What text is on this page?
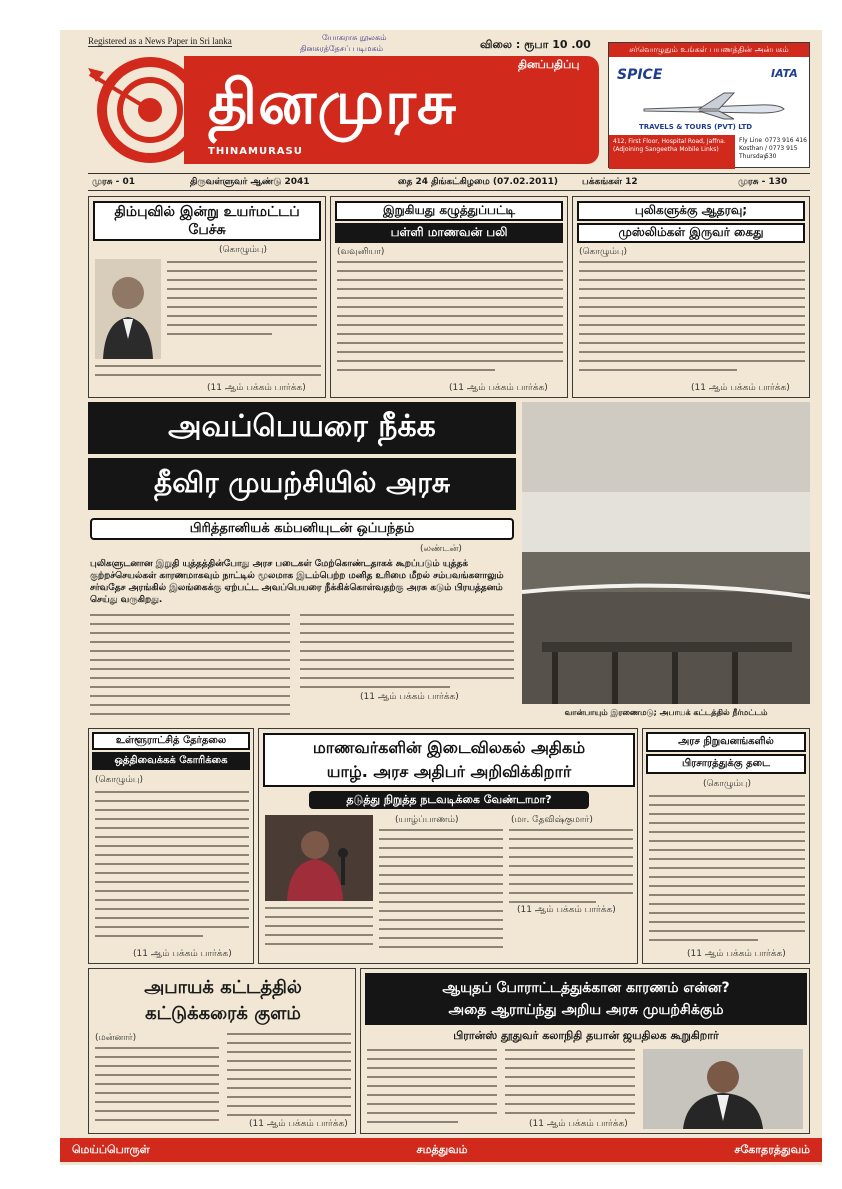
Registered as a News Paper in Sri lanka	யோகராசு நூலகம்
தினசுரத்தேசப் படிமகம்	விலை : ரூபா 10 .00
தினப்பதிப்பு
தினமுரசு
THINAMURASU
சர்வொழுதும் உங்கள் பயணத்தின் அன்பகம்
SPICE	IATA
TRAVELS & TOURS (PVT) LTD
412, First Floor, Hospital Road, Jaffna. (Adjoining Sangeetha Mobile Links)
Fly Line Kosthan Thursday
0773 916 416 / 0773 915 530
முரசு - 01	திருவள்ளுவர் ஆண்டு 2041	தை 24 திங்கட்கிழமை (07.02.2011)	பக்கங்கள் 12	முரசு - 130
திம்புவில் இன்று உயர்மட்டப் பேச்சு
(கொழும்பு)
(11 ஆம் பக்கம் பார்க்க)
இறுகியது கழுத்துப்பட்டி
பள்ளி மாணவன் பலி
(வவுனியா)
(11 ஆம் பக்கம் பார்க்க)
புலிகளுக்கு ஆதரவு;
முஸ்லிம்கள் இருவர் கைது
(கொழும்பு)
(11 ஆம் பக்கம் பார்க்க)
அவப்பெயரை நீக்க
தீவிர முயற்சியில் அரசு
பிரித்தானியக் கம்பனியுடன் ஒப்பந்தம்
(லண்டன்)
புலிகளுடனான இறுதி யுத்தத்தின்போது அரச படைகள் மேற்கொண்டதாகக் கூறப்படும் யுத்தக் குற்றச்செயல்கள் காரணமாகவும் நாட்டில் மூலமாக இடம்பெற்ற மனித உரிமை மீறல் சம்பவங்களாலும் சர்வதேச அரங்கில் இலங்கைக்கு ஏற்பட்ட அவப்பெயரை நீக்கிக்கொள்வதற்கு அரசு கடும் பிரயத்தனம் செய்து வருகிறது.
(11 ஆம் பக்கம் பார்க்க)
வான்பாயும் இரணைமடு; அபாயக் கட்டத்தில் நீர்மட்டம்
உள்ளூராட்சித் தேர்தலை
ஒத்திவைக்கக் கோரிக்கை
(கொழும்பு)
(11 ஆம் பக்கம் பார்க்க)
மாணவர்களின் இடைவிலகல் அதிகம்
யாழ். அரச அதிபர் அறிவிக்கிறார்
தடுத்து நிறுத்த நடவடிக்கை வேண்டாமா?
(யாழ்ப்பாணம்)	(மா. தேவிஷ்குமார்)
(11 ஆம் பக்கம் பார்க்க)
அரச நிறுவனங்களில்
பிரசாரத்துக்கு தடை
(கொழும்பு)
(11 ஆம் பக்கம் பார்க்க)
அபாயக் கட்டத்தில்
கட்டுக்கரைக் குளம்
(மன்னார்)
(11 ஆம் பக்கம் பார்க்க)
ஆயுதப் போராட்டத்துக்கான காரணம் என்ன?
அதை ஆராய்ந்து அறிய அரசு முயற்சிக்கும்
பிரான்ஸ் தூதுவர் கலாநிதி தயான் ஜயதிலக கூறுகிறார்
(11 ஆம் பக்கம் பார்க்க)
மெய்ப்பொருள்	சமத்துவம்	சகோதரத்துவம்
